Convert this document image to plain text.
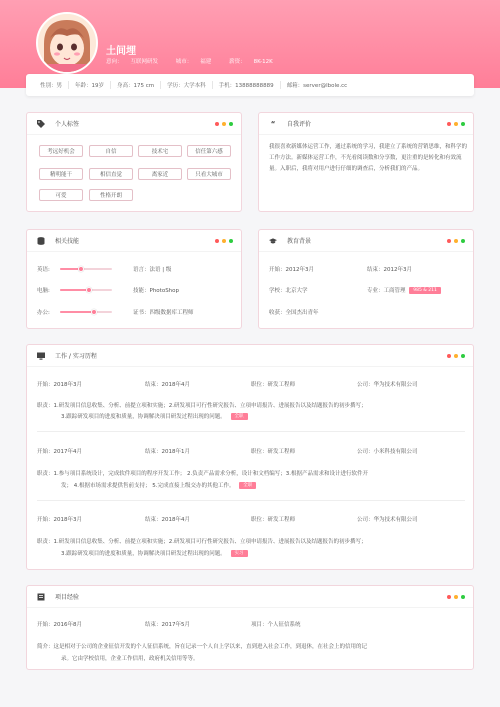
土间埋
意向： 互联网研发	城市： 福建	薪资： 8K-12K
性别：男	年龄：19岁	身高：175 cm	学历：大学本科	手机：13888888889	邮箱：server@lbole.cc
个人标签
考远好机会	自信	技术宅	信任第六感
精明能干	相信直觉	离家近	只看大城市
可爱	性格开朗
“ 自我评价
我很喜欢新媒体运营工作，通过系统的学习，我建立了系统的营销思维，和科学的工作方法。新媒体运营工作，不光看阅读数和分享数，更注重的是转化和有效流量。入职后，我将对用户进行仔细的调查后，分析我们的产品。
相关技能
英语:	语言：法语 | 级
电脑:	技能：PhotoShop
办公:	证书：四级数据库工程师
教育背景
开始：2012年3月	结束：2012年3月
学校：北京大学	专业：工商管理 985 & 211
收获：全国杰出青年
工作 / 实习历程
开始：2018年3月	结束：2018年4月	职位：研发工程师	公司：华为技术有限公司
职责：1.研发项目信息收集、分析、前提立项和实施；2.研发项目可行性研究报告、立项申请报告、进展报告以及结题报告的初步撰写；
3.跟踪研发项目的进度和质量，协调解决项目研发过程出现的问题。 全职
开始：2017年4月	结束：2018年1月	职位：研发工程师	公司：小米科技有限公司
职责：1.参与项目系统设计，完成软件项目的程序开发工作； 2.负责产品需求分析，设计和文档编写；3.根据产品需求和设计进行软件开
发； 4.根据市场需求提供售前支持； 5.完成直接上级交办的其他工作。 全职
开始：2018年3月	结束：2018年4月	职位：研发工程师	公司：华为技术有限公司
职责：1.研发项目信息收集、分析、前提立项和实施；2.研发项目可行性研究报告、立项申请报告、进展报告以及结题报告的初步撰写；
3.跟踪研发项目的进度和质量，协调解决项目研发过程出现的问题。 实习
项目经验
开始：2016年8月	结束：2017年5月	项目：个人征信系统
简介：这是相对于公司的企业征信开发的个人征信系统，旨在记录一个人自上学以来，直到进入社会工作，到退休，在社会上的信用的记
录。它由学校信用，企业工作信用，政府机关信用等等。
